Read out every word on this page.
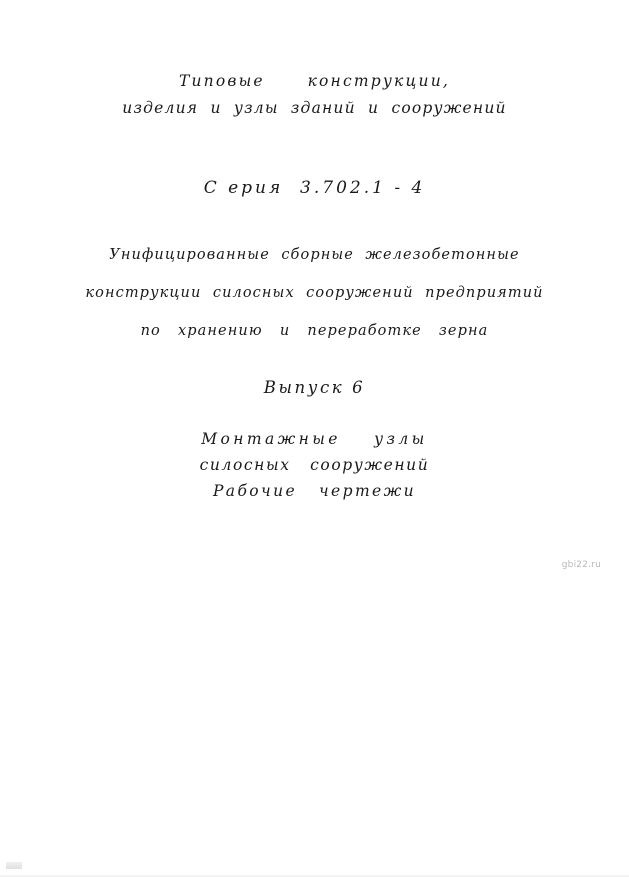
Типовые      конструкции,
изделия  и  узлы  зданий  и  сооружений
С ерия  3.702.1 - 4
Унифицированные  сборные  железобетонные
конструкции  силосных  сооружений  предприятий
по   хранению   и   переработке   зерна
Выпуск 6
Монтажные    узлы
силосных   сооружений
Рабочие   чертежи
gbi22.ru
